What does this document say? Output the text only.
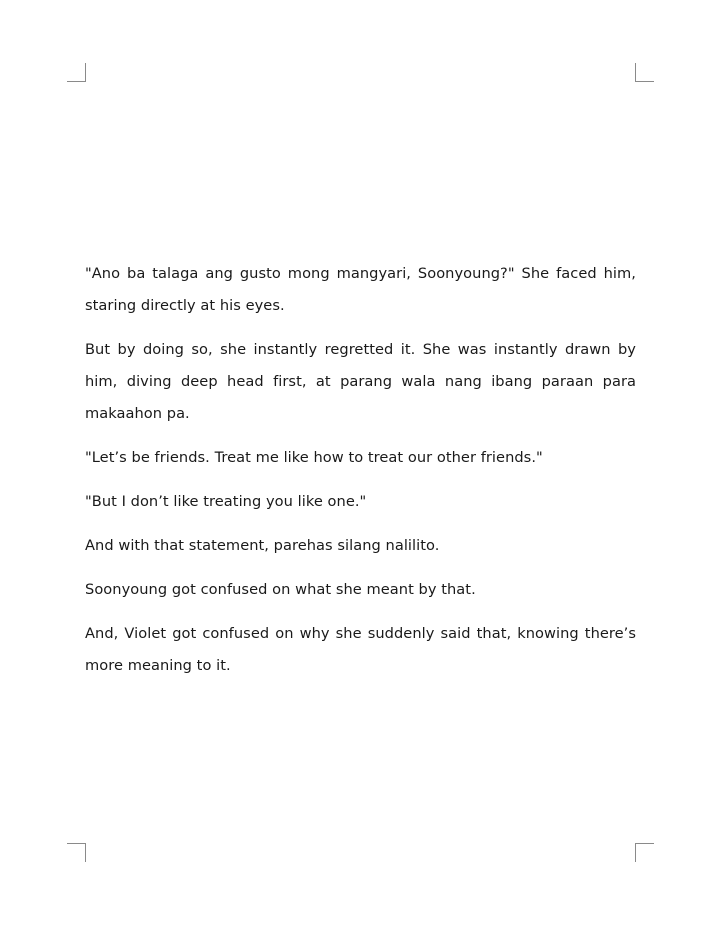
"Ano ba talaga ang gusto mong mangyari, Soonyoung?" She faced him, staring directly at his eyes.

But by doing so, she instantly regretted it. She was instantly drawn by him, diving deep head first, at parang wala nang ibang paraan para makaahon pa.

"Let’s be friends. Treat me like how to treat our other friends."

"But I don’t like treating you like one."

And with that statement, parehas silang nalilito.

Soonyoung got confused on what she meant by that.

And, Violet got confused on why she suddenly said that, knowing there’s more meaning to it.
